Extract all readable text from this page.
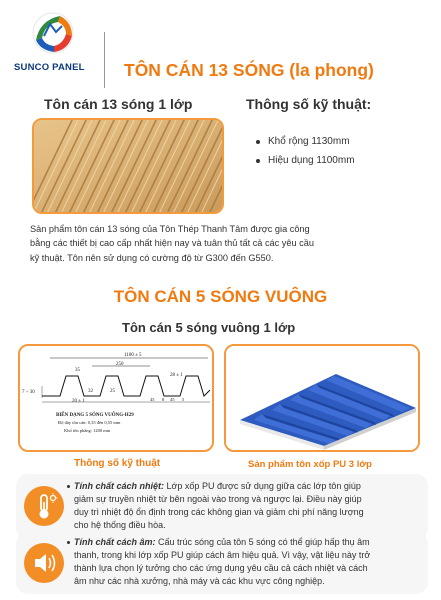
SUNCO PANEL	TÔN CÁN 13 SÓNG (la phong)
Tôn cán 13 sóng 1 lớp	Thông số kỹ thuật:
Khổ rộng 1130mm
Hiệu dụng 1100mm
Sản phẩm tôn cán 13 sóng của Tôn Thép Thanh Tâm được gia công
bằng các thiết bị cao cấp nhất hiện nay và tuân thủ tất cả các yêu cầu
kỹ thuật. Tôn nên sử dụng có cường độ từ G300 đến G550.
TÔN CÁN 5 SÓNG VUÔNG
Tôn cán 5 sóng vuông 1 lớp
1100 ± 5
250
35
7 ÷ 30
28 ± 1
20 ± 1
32	25
45 8 45 5
BIẾN DẠNG 5 SÓNG VUÔNG-H29
Độ dày tôn cán: 0,35 đến 0,55 mm
Khổ tôn phẳng: 1200 mm
Thông số kỹ thuật	Sản phẩm tôn xốp PU 3 lớp
Tính chất cách nhiệt: Lớp xốp PU được sử dụng giữa các lớp tôn giúp
giảm sự truyền nhiệt từ bên ngoài vào trong và ngược lại. Điều này giúp
duy trì nhiệt độ ổn định trong các không gian và giảm chi phí năng lượng
cho hệ thống điều hòa.
Tính chất cách âm: Cấu trúc sóng của tôn 5 sóng có thể giúp hấp thụ âm
thanh, trong khi lớp xốp PU giúp cách âm hiệu quả. Vì vậy, vật liệu này trở
thành lựa chọn lý tưởng cho các ứng dụng yêu cầu cả cách nhiệt và cách
âm như các nhà xưởng, nhà máy và các khu vực công nghiệp.
